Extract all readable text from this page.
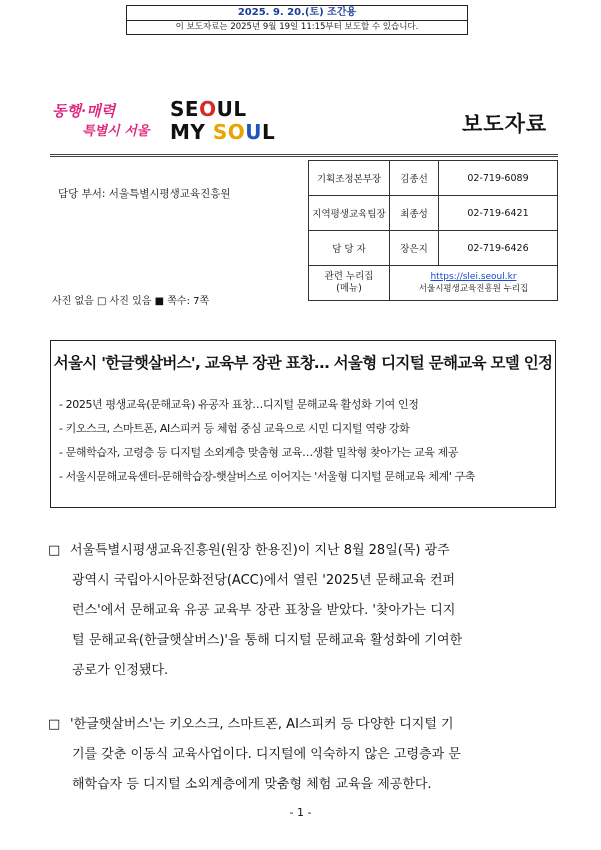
2025. 9. 20.(토) 조간용
이 보도자료는 2025년 9월 19일 11:15부터 보도할 수 있습니다.
동행·매력
특별시 서울
SEOUL
MY SOUL	보도자료
담당 부서: 서울특별시평생교육진흥원
사진 없음 □ 사진 있음 ■ 쪽수: 7쪽
기획조정본부장	김종선	02-719-6089
지역평생교육팀장	최종성	02-719-6421
담 당 자	장은지	02-719-6426

관련 누리집
(메뉴)	https://slei.seoul.kr
서울시평생교육진흥원 누리집	
서울시 '한글햇살버스', 교육부 장관 표창… 서울형 디지털 문해교육 모델 인정
- 2025년 평생교육(문해교육) 유공자 표창…디지털 문해교육 활성화 기여 인정
- 키오스크, 스마트폰, AI스피커 등 체험 중심 교육으로 시민 디지털 역량 강화
- 문해학습자, 고령층 등 디지털 소외계층 맞춤형 교육…생활 밀착형 찾아가는 교육 제공
- 서울시문해교육센터-문해학습장-햇살버스로 이어지는 '서울형 디지털 문해교육 체계' 구축
□ 서울특별시평생교육진흥원(원장 한용진)이 지난 8월 28일(목) 광주
광역시 국립아시아문화전당(ACC)에서 열린 '2025년 문해교육 컨퍼
런스'에서 문해교육 유공 교육부 장관 표창을 받았다. '찾아가는 디지
털 문해교육(한글햇살버스)'을 통해 디지털 문해교육 활성화에 기여한
공로가 인정됐다.
□ '한글햇살버스'는 키오스크, 스마트폰, AI스피커 등 다양한 디지털 기
기를 갖춘 이동식 교육사업이다. 디지털에 익숙하지 않은 고령층과 문
해학습자 등 디지털 소외계층에게 맞춤형 체험 교육을 제공한다.
- 1 -
